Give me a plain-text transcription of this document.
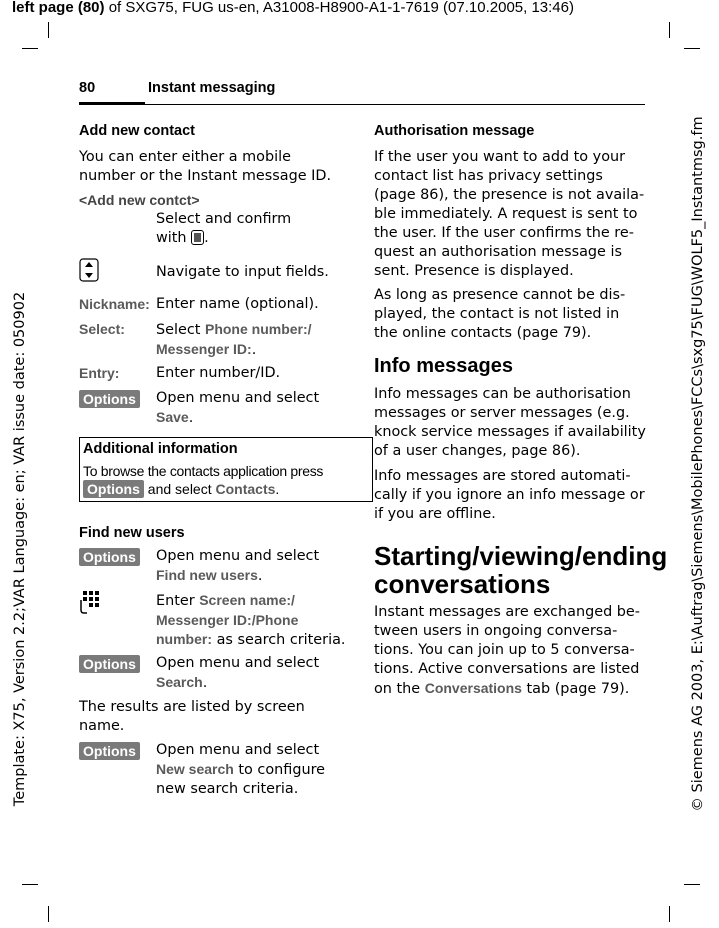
left page (80) of SXG75, FUG us-en, A31008-H8900-A1-1-7619 (07.10.2005, 13:46)
Template: X75, Version 2.2;VAR Language: en; VAR issue date: 050902	© Siemens AG 2003, E:\Auftrag\Siemens\MobilePhones\FCCs\sxg75\FUG\WOLF5_Instantmsg.fm
80	Instant messaging
Add new contact
You can enter either a mobile number or the Instant message ID.
<Add new contct>
Select and confirm
with .
Navigate to input fields.
Nickname: Enter name (optional).
Select: Select Phone number:/
Messenger ID:.
Entry:	Enter number/ID.
Options Open menu and select
Save.
Additional information
To browse the contacts application press
Options and select Contacts.
Find new users
Options Open menu and select
Find new users.
Enter Screen name:/
Messenger ID:/Phone
number: as search criteria.
Options Open menu and select
Search.
The results are listed by screen
name.
Options Open menu and select
New search to configure
new search criteria.
Authorisation message
If the user you want to add to your
contact list has privacy settings
(page 86), the presence is not availa-
ble immediately. A request is sent to
the user. If the user confirms the re-
quest an authorisation message is
sent. Presence is displayed.
As long as presence cannot be dis-
played, the contact is not listed in
the online contacts (page 79).
Info messages
Info messages can be authorisation
messages or server messages (e.g.
knock service messages if availability
of a user changes, page 86).
Info messages are stored automati-
cally if you ignore an info message or
if you are offline.
Starting/viewing/ending
conversations
Instant messages are exchanged be-
tween users in ongoing conversa-
tions. You can join up to 5 conversa-
tions. Active conversations are listed
on the Conversations tab (page 79).
